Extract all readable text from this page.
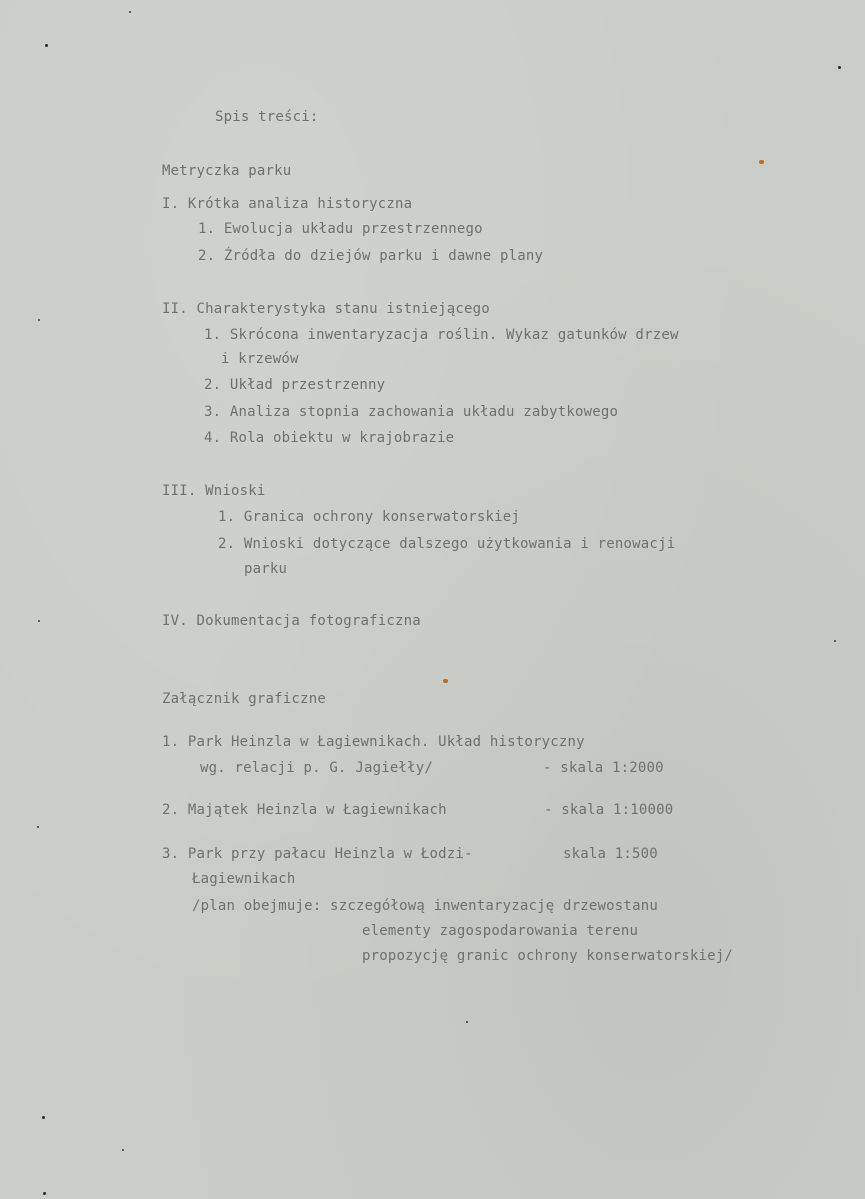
Spis treści:
Metryczka parku
I. Krótka analiza historyczna
1. Ewolucja układu przestrzennego
2. Źródła do dziejów parku i dawne plany
II. Charakterystyka stanu istniejącego
1. Skrócona inwentaryzacja roślin. Wykaz gatunków drzew
i krzewów
2. Układ przestrzenny
3. Analiza stopnia zachowania układu zabytkowego
4. Rola obiektu w krajobrazie
III. Wnioski
1. Granica ochrony konserwatorskiej
2. Wnioski dotyczące dalszego użytkowania i renowacji
parku
IV. Dokumentacja fotograficzna
Załącznik graficzne
1. Park Heinzla w Łagiewnikach. Układ historyczny
wg. relacji p. G. Jagiełły/	- skala 1:2000
2. Majątek Heinzla w Łagiewnikach	- skala 1:10000
3. Park przy pałacu Heinzla w Łodzi-	skala 1:500
Łagiewnikach
/plan obejmuje: szczegółową inwentaryzację drzewostanu
elementy zagospodarowania terenu
propozycję granic ochrony konserwatorskiej/
